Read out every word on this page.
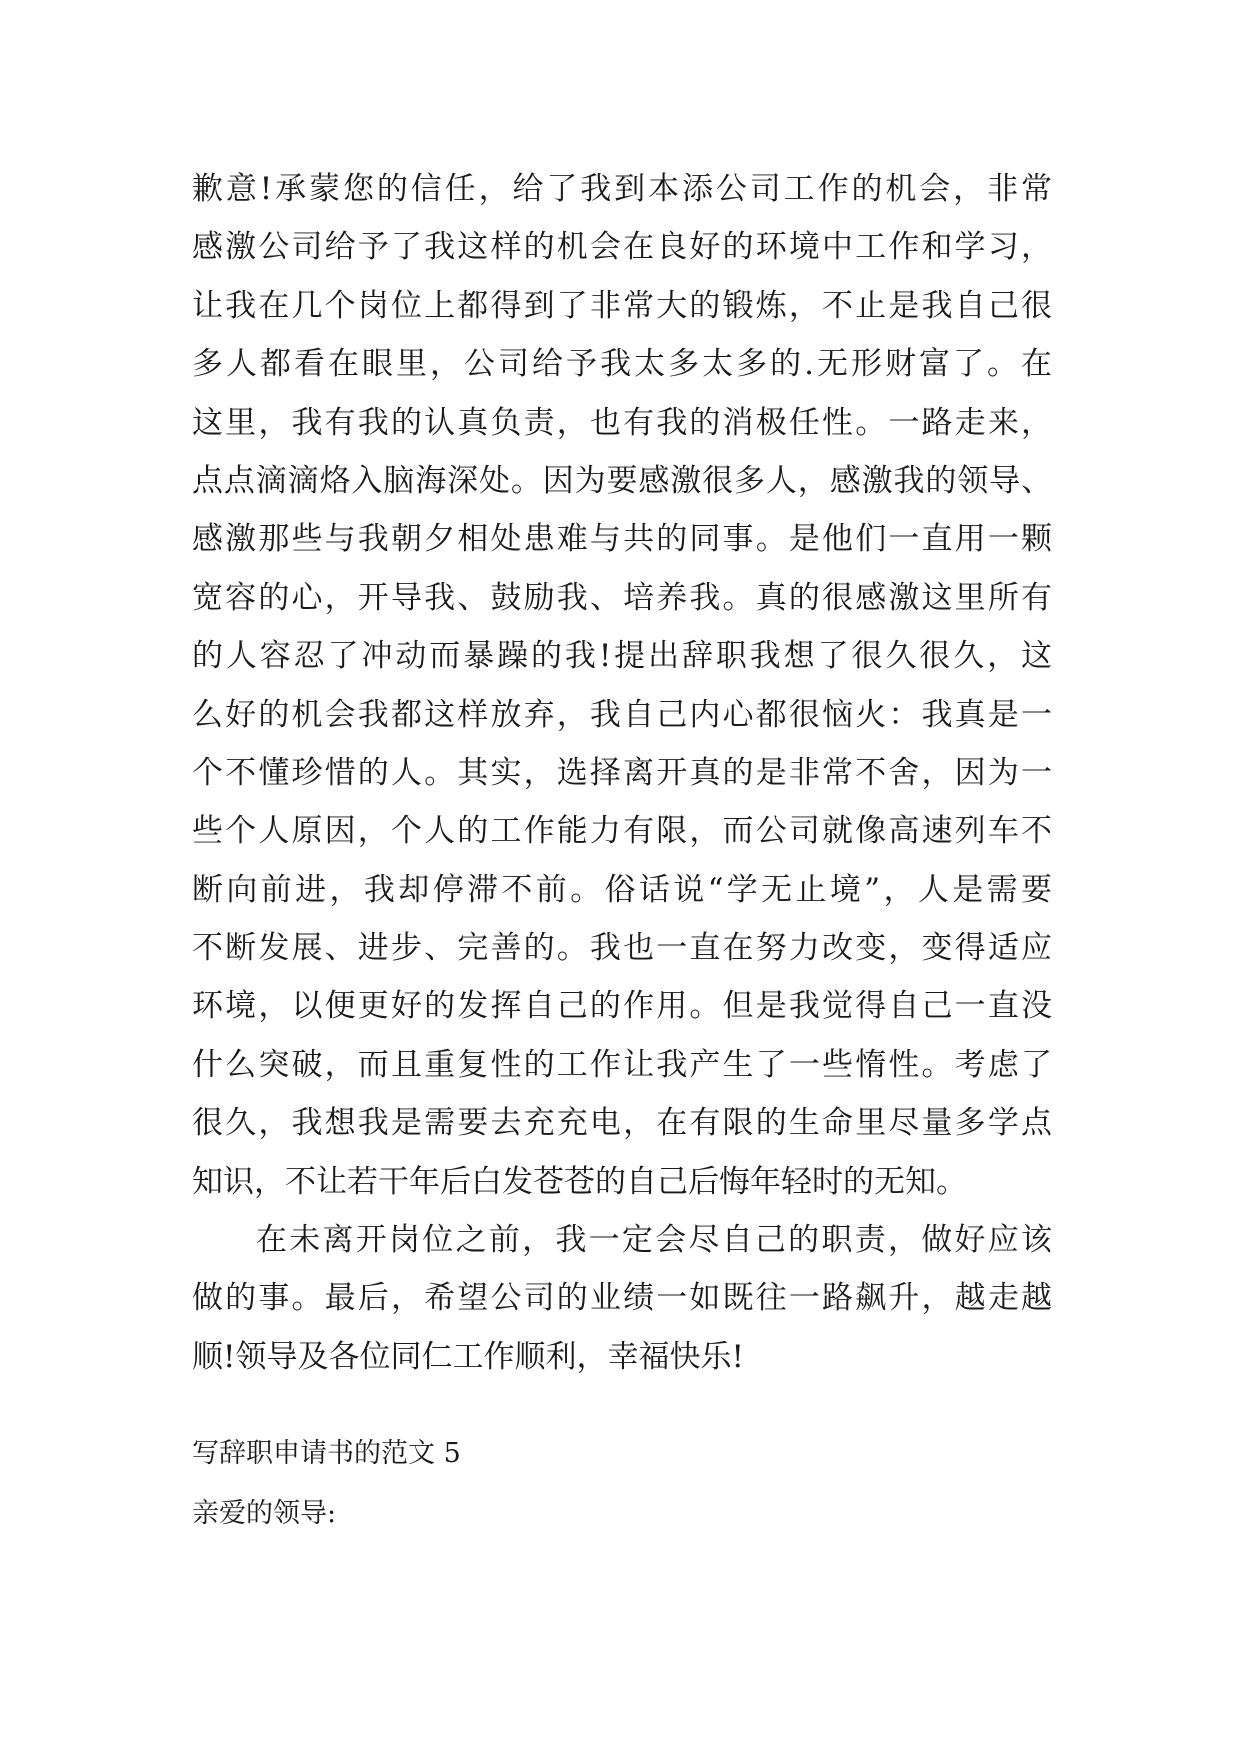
歉意!承蒙您的信任，给了我到本添公司工作的机会，非常
感激公司给予了我这样的机会在良好的环境中工作和学习，
让我在几个岗位上都得到了非常大的锻炼，不止是我自己很
多人都看在眼里，公司给予我太多太多的.无形财富了。在
这里，我有我的认真负责，也有我的消极任性。一路走来，
点点滴滴烙入脑海深处。因为要感激很多人，感激我的领导、
感激那些与我朝夕相处患难与共的同事。是他们一直用一颗
宽容的心，开导我、鼓励我、培养我。真的很感激这里所有
的人容忍了冲动而暴躁的我!提出辞职我想了很久很久，这
么好的机会我都这样放弃，我自己内心都很恼火：我真是一
个不懂珍惜的人。其实，选择离开真的是非常不舍，因为一
些个人原因，个人的工作能力有限，而公司就像高速列车不
断向前进，我却停滞不前。俗话说“学无止境”，人是需要
不断发展、进步、完善的。我也一直在努力改变，变得适应
环境，以便更好的发挥自己的作用。但是我觉得自己一直没
什么突破，而且重复性的工作让我产生了一些惰性。考虑了
很久，我想我是需要去充充电，在有限的生命里尽量多学点
知识，不让若干年后白发苍苍的自己后悔年轻时的无知。
在未离开岗位之前，我一定会尽自己的职责，做好应该
做的事。最后，希望公司的业绩一如既往一路飙升，越走越
顺!领导及各位同仁工作顺利，幸福快乐!
写辞职申请书的范文 5
亲爱的领导:
